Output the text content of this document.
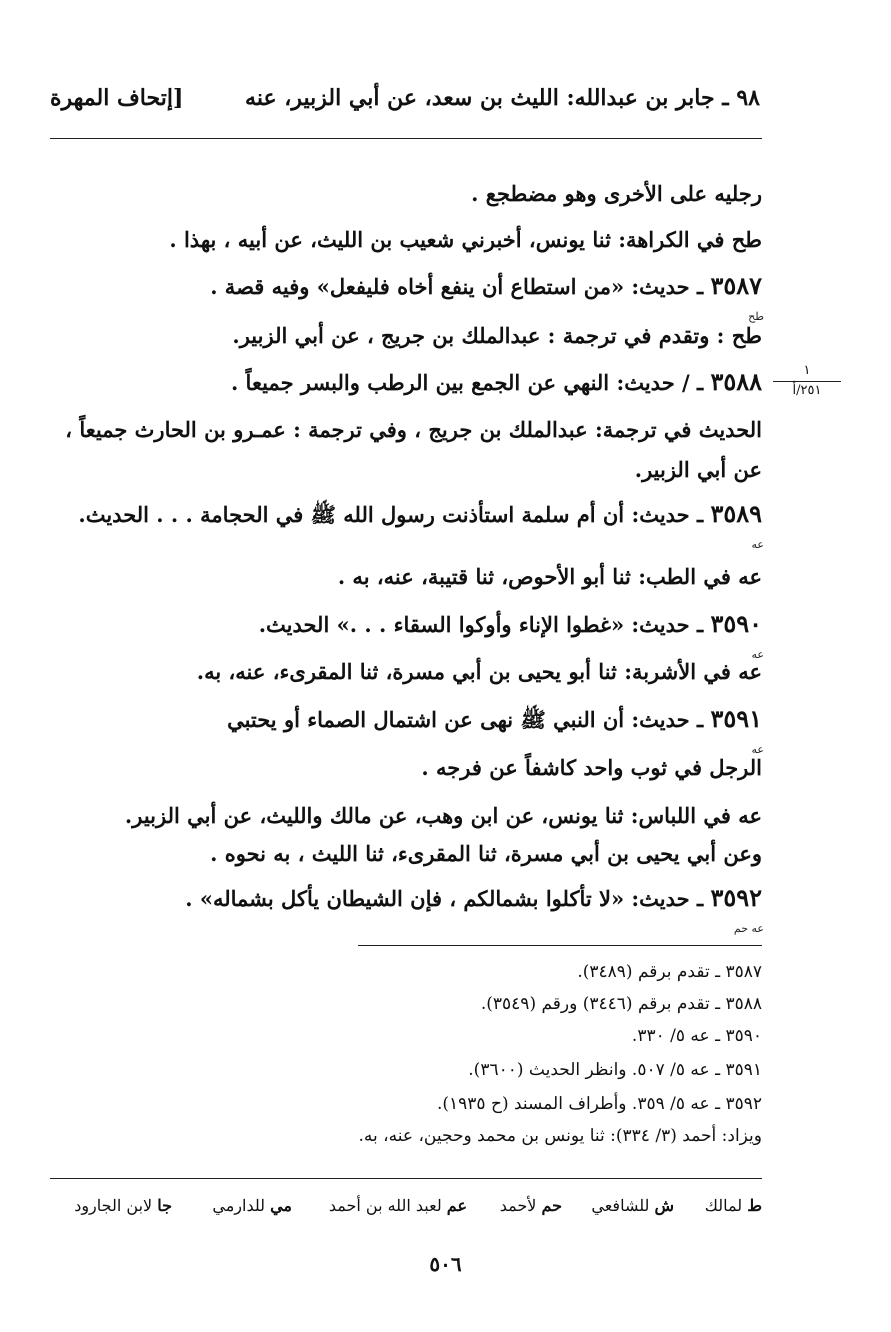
٩٨ ـ جابر بن عبدالله: الليث بن سعد، عن أبي الزبير، عنه
[إتحاف المهرة
١
٢٥١/أ
رجليه على الأخرى وهو مضطجع .
طح في الكراهة: ثنا يونس، أخبرني شعيب بن الليث، عن أبيه ، بهذا .
٣٥٨٧ ـ حديث: «من استطاع أن ينفع أخاه فليفعل» وفيه قصة .
طح
طح : وتقدم في ترجمة : عبدالملك بن جريج ، عن أبي الزبير.
٣٥٨٨ ـ / حديث: النهي عن الجمع بين الرطب والبسر جميعاً .
الحديث في ترجمة: عبدالملك بن جريج ، وفي ترجمة : عمـرو بن الحارث جميعاً ،
عن أبي الزبير.
٣٥٨٩ ـ حديث: أن أم سلمة استأذنت رسول الله ﷺ في الحجامة . . . الحديث.
عه
عه في الطب: ثنا أبو الأحوص، ثنا قتيبة، عنه، به .
٣٥٩٠ ـ حديث: «غطوا الإناء وأوكوا السقاء . . .» الحديث.
عه
عه في الأشربة: ثنا أبو يحيى بن أبي مسرة، ثنا المقرىء، عنه، به.
٣٥٩١ ـ حديث: أن النبي ﷺ نهى عن اشتمال الصماء أو يحتبي
عه
الرجل في ثوب واحد كاشفاً عن فرجه .
عه في اللباس: ثنا يونس، عن ابن وهب، عن مالك والليث، عن أبي الزبير.
وعن أبي يحيى بن أبي مسرة، ثنا المقرىء، ثنا الليث ، به نحوه .
٣٥٩٢ ـ حديث: «لا تأكلوا بشمالكم ، فإن الشيطان يأكل بشماله» .
عه حم
٣٥٨٧ ـ تقدم برقم (٣٤٨٩).
٣٥٨٨ ـ تقدم برقم (٣٤٤٦) ورقم (٣٥٤٩).
٣٥٩٠ ـ عه ٥/ ٣٣٠.
٣٥٩١ ـ عه ٥/ ٥٠٧. وانظر الحديث (٣٦٠٠).
٣٥٩٢ ـ عه ٥/ ٣٥٩. وأطراف المسند (ح ١٩٣٥).
ويزاد: أحمد (٣/ ٣٣٤): ثنا يونس بن محمد وحجين، عنه، به.
ط لمالك
ش للشافعي
حم لأحمد
عم لعبد الله بن أحمد
مي للدارمي
جا لابن الجارود
٥٠٦
